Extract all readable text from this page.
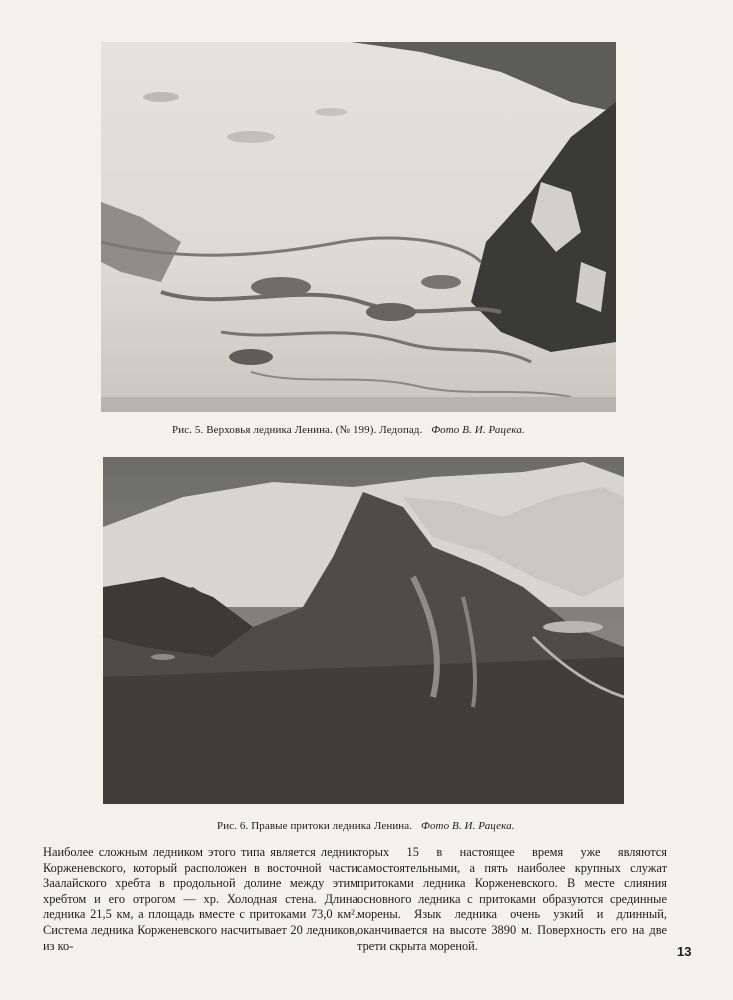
Рис. 5. Верховья ледника Ленина. (№ 199). Ледопад. Фото В. И. Рацека.
Рис. 6. Правые притоки ледника Ленина. Фото В. И. Рацека.

Наиболее сложным ледником этого типа является ледник Корженевского, который расположен в восточной части Заалайского хребта в продольной долине между этим хребтом и его отрогом — хр. Холодная стена. Длина ледника 21,5 км, а площадь вместе с притоками 73,0 км². Система ледника Корженевского насчитывает 20 ледников, из ко-

торых 15 в настоящее время уже являются самостоятельными, а пять наиболее крупных служат притоками ледника Корженевского. В месте слияния основного ледника с притоками образуются срединные морены. Язык ледника очень узкий и длинный, оканчивается на высоте 3890 м. Поверхность его на две трети скрыта мореной.	13
